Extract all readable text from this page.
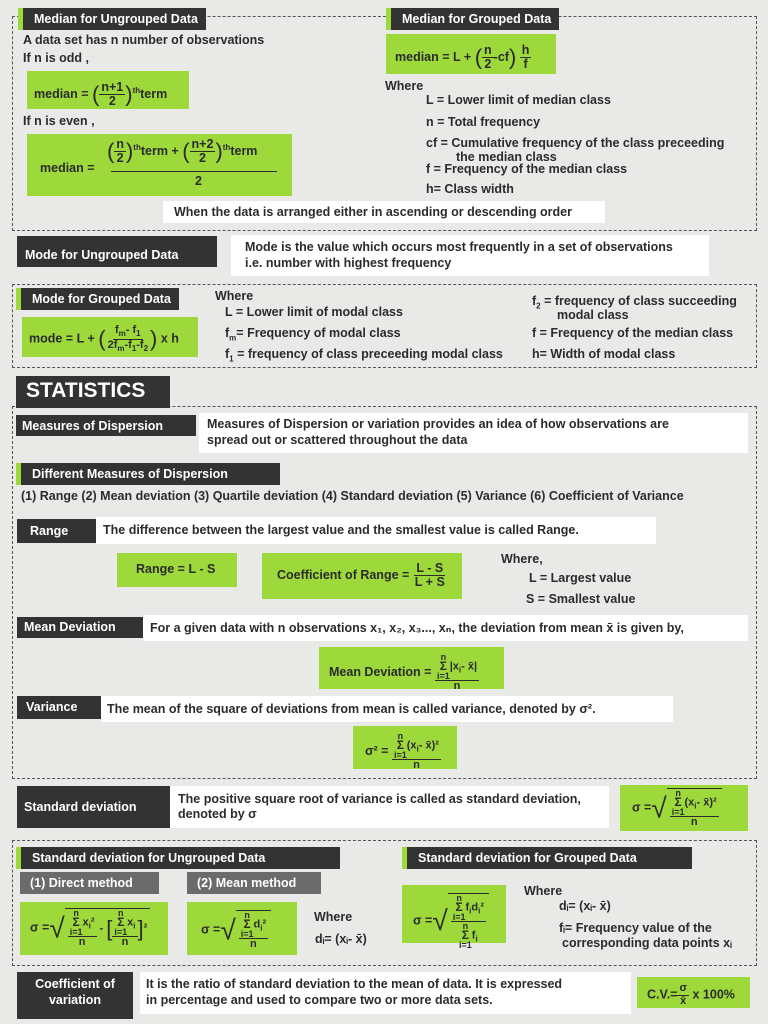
Median for Ungrouped Data
A data set has n number of observations
If n is odd ,
median = ( $\frac{n+1}{2}$ )$^{th}$term
If n is even ,
median =
( $\frac{n}{2}$ )$^{th}$term + ( $\frac{n+2}{2}$ )$^{th}$term
2
Median for Grouped Data
median = L + ( $\frac{n}{2} -cf) \frac{h}{f}$
Where
L = Lower limit of median class
n = Total frequency
cf = Cumulative frequency of the class preceeding
the median class
f = Frequency of the median class
h= Class width
When the data is arranged either in ascending or descending order
Mode for Ungrouped Data
Mode is the value which occurs most frequently in a set of observations
i.e. number with highest frequency
Mode for Grouped Data
mode = L + ( $\frac{f_m- f_1}{2f_m-f_1-f_2}$ ) x h
Where
L = Lower limit of modal class
$f_m=$ Frequency of modal class
$f_1$ = frequency of class preceeding modal class
$f_2$ = frequency of class succeeding
modal class
f = Frequency of the median class
h= Width of modal class
STATISTICS
Measures of Dispersion	Measures of Dispersion or variation provides an idea of how observations are
spread out or scattered throughout the data
Different Measures of Dispersion
(1) Range (2) Mean deviation (3) Quartile deviation (4) Standard deviation (5) Variance (6) Coefficient of Variance
Range	The difference between the largest value and the smallest value is called Range.
Range = L - S	Coefficient of Range = $\frac{L - S}{L + S}$
Where,
L = Largest value
S = Smallest value
Mean Deviation	For a given data with n observations x₁, x₂, x₃..., xₙ, the deviation from mean x̄ is given by,
Mean Deviation = n
Σ
$i=1|x_i-$ x̄|
n
Variance	The mean of the square of deviations from mean is called variance, denoted by σ².
σ² = n
Σ
$i=1(x_i-$ x̄)²
n
Standard deviation
The positive square root of variance is called as standard deviation,
denoted by σ	σ =√ n
Σ
$i=1(x_i-$ x̄)²
n
Standard deviation for Ungrouped Data
(1) Direct method	(2) Mean method
σ =√ n
Σ
$i=1x_i^2$
n - [ n
Σ
$i=1x_i$
n ]²	σ =√ n
Σ
$i=1d_i^2$
n	Where
dᵢ= (xᵢ- x̄)
Standard deviation for Grouped Data
σ =√ n
Σ
$i=1f_id_i^2$
n
Σ
$i=1f_i$
Where
dᵢ= (xᵢ- x̄)
fᵢ= Frequency value of the
corresponding data points xᵢ
Coefficient of
variation
It is the ratio of standard deviation to the mean of data. It is expressed
in percentage and used to compare two or more data sets.	$C.V.= \frac{\sigma}{x̄}$ x 100%
